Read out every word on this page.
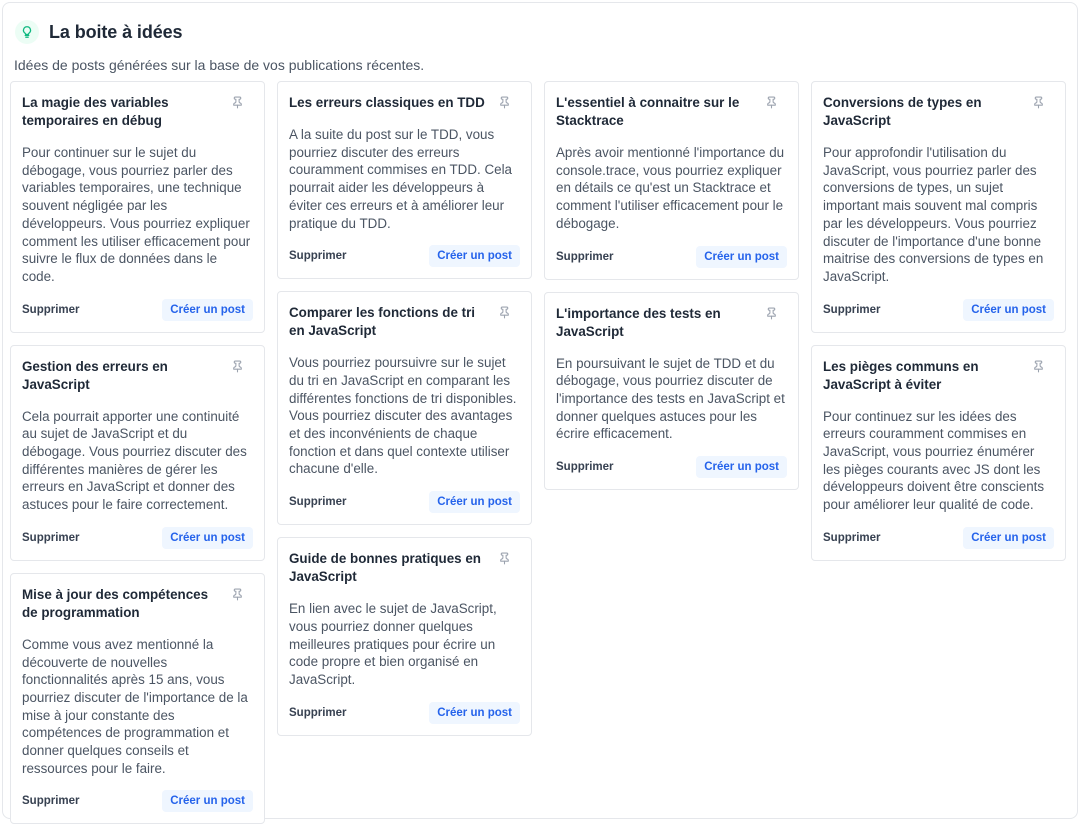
La boite à idées
Idées de posts générées sur la base de vos publications récentes.
La magie des variables temporaires en débug
Pour continuer sur le sujet du débogage, vous pourriez parler des variables temporaires, une technique souvent négligée par les développeurs. Vous pourriez expliquer comment les utiliser efficacement pour suivre le flux de données dans le code.
Supprimer	Créer un post
Gestion des erreurs en JavaScript
Cela pourrait apporter une continuité au sujet de JavaScript et du débogage. Vous pourriez discuter des différentes manières de gérer les erreurs en JavaScript et donner des astuces pour le faire correctement.
Supprimer	Créer un post
Mise à jour des compétences de programmation
Comme vous avez mentionné la découverte de nouvelles fonctionnalités après 15 ans, vous pourriez discuter de l'importance de la mise à jour constante des compétences de programmation et donner quelques conseils et ressources pour le faire.
Supprimer	Créer un post
Les erreurs classiques en TDD
A la suite du post sur le TDD, vous pourriez discuter des erreurs couramment commises en TDD. Cela pourrait aider les développeurs à éviter ces erreurs et à améliorer leur pratique du TDD.
Supprimer	Créer un post
Comparer les fonctions de tri en JavaScript
Vous pourriez poursuivre sur le sujet du tri en JavaScript en comparant les différentes fonctions de tri disponibles. Vous pourriez discuter des avantages et des inconvénients de chaque fonction et dans quel contexte utiliser chacune d'elle.
Supprimer	Créer un post
Guide de bonnes pratiques en JavaScript
En lien avec le sujet de JavaScript, vous pourriez donner quelques meilleures pratiques pour écrire un code propre et bien organisé en JavaScript.
Supprimer	Créer un post
L'essentiel à connaitre sur le Stacktrace
Après avoir mentionné l'importance du console.trace, vous pourriez expliquer en détails ce qu'est un Stacktrace et comment l'utiliser efficacement pour le débogage.
Supprimer	Créer un post
L'importance des tests en JavaScript
En poursuivant le sujet de TDD et du débogage, vous pourriez discuter de l'importance des tests en JavaScript et donner quelques astuces pour les écrire efficacement.
Supprimer	Créer un post
Conversions de types en JavaScript
Pour approfondir l'utilisation du JavaScript, vous pourriez parler des conversions de types, un sujet important mais souvent mal compris par les développeurs. Vous pourriez discuter de l'importance d'une bonne maitrise des conversions de types en JavaScript.
Supprimer	Créer un post
Les pièges communs en JavaScript à éviter
Pour continuez sur les idées des erreurs couramment commises en JavaScript, vous pourriez énumérer les pièges courants avec JS dont les développeurs doivent être conscients pour améliorer leur qualité de code.
Supprimer	Créer un post
